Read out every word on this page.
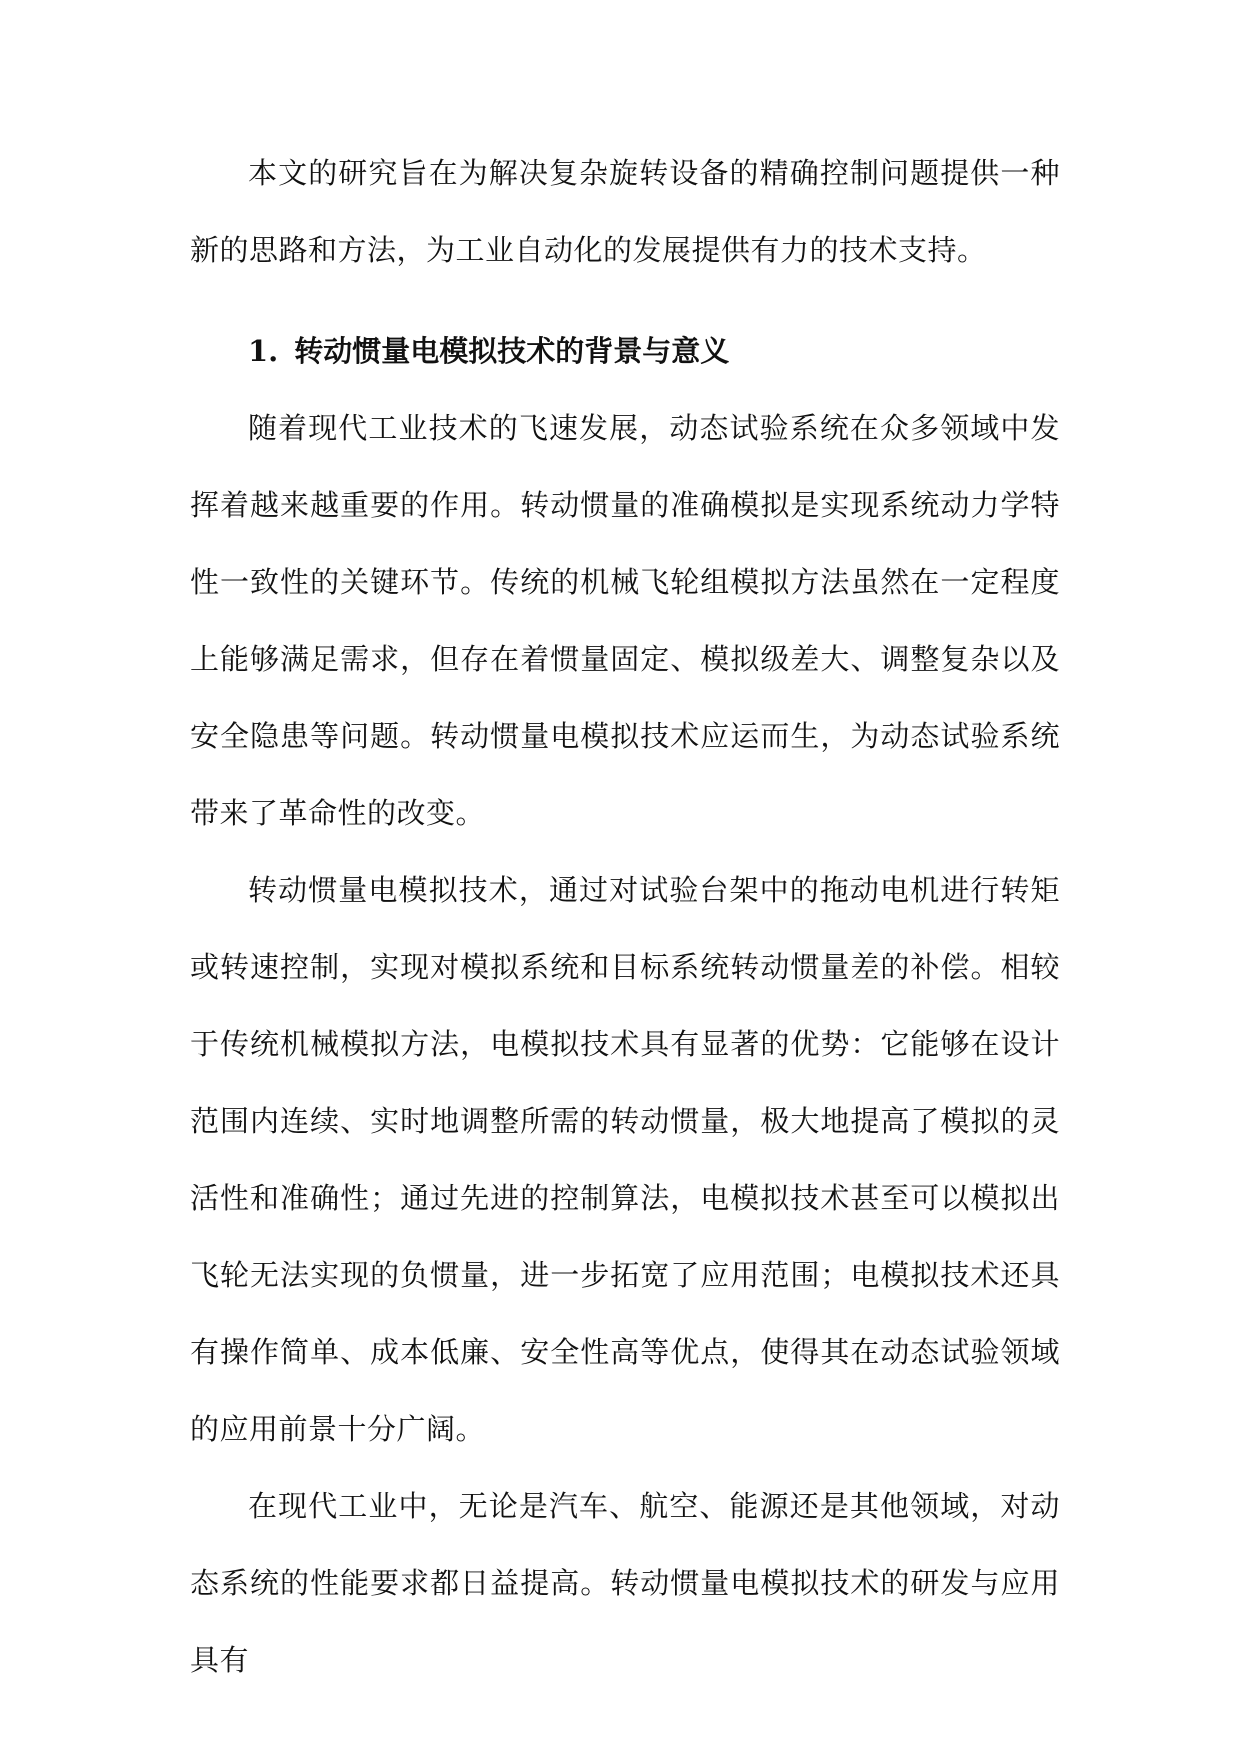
本文的研究旨在为解决复杂旋转设备的精确控制问题提供一种新的思路和方法，为工业自动化的发展提供有力的技术支持。

1. 转动惯量电模拟技术的背景与意义

随着现代工业技术的飞速发展，动态试验系统在众多领域中发挥着越来越重要的作用。转动惯量的准确模拟是实现系统动力学特性一致性的关键环节。传统的机械飞轮组模拟方法虽然在一定程度上能够满足需求，但存在着惯量固定、模拟级差大、调整复杂以及安全隐患等问题。转动惯量电模拟技术应运而生，为动态试验系统带来了革命性的改变。

转动惯量电模拟技术，通过对试验台架中的拖动电机进行转矩或转速控制，实现对模拟系统和目标系统转动惯量差的补偿。相较于传统机械模拟方法，电模拟技术具有显著的优势：它能够在设计范围内连续、实时地调整所需的转动惯量，极大地提高了模拟的灵活性和准确性；通过先进的控制算法，电模拟技术甚至可以模拟出飞轮无法实现的负惯量，进一步拓宽了应用范围；电模拟技术还具有操作简单、成本低廉、安全性高等优点，使得其在动态试验领域的应用前景十分广阔。

在现代工业中，无论是汽车、航空、能源还是其他领域，对动态系统的性能要求都日益提高。转动惯量电模拟技术的研发与应用具有
